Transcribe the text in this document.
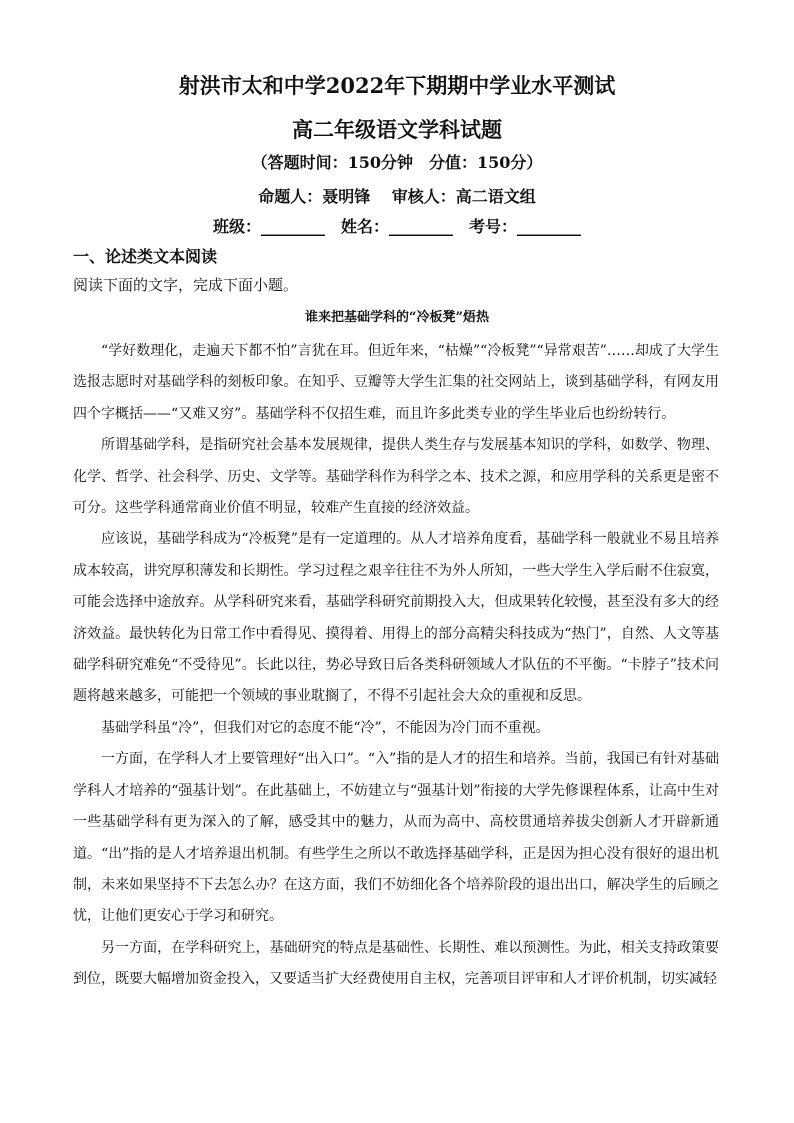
射洪市太和中学2022年下期期中学业水平测试
高二年级语文学科试题
（答题时间：150分钟　分值：150分）
命题人：聂明锋　 审核人：高二语文组
班级：________　姓名：________　考号：________
一、论述类文本阅读
阅读下面的文字，完成下面小题。
谁来把基础学科的“冷板凳”焐热

“学好数理化，走遍天下都不怕”言犹在耳。但近年来，“枯燥”“冷板凳”“异常艰苦”……却成了大学生选报志愿时对基础学科的刻板印象。在知乎、豆瓣等大学生汇集的社交网站上，谈到基础学科，有网友用四个字概括——“又难又穷”。基础学科不仅招生难，而且许多此类专业的学生毕业后也纷纷转行。

所谓基础学科，是指研究社会基本发展规律，提供人类生存与发展基本知识的学科，如数学、物理、化学、哲学、社会科学、历史、文学等。基础学科作为科学之本、技术之源，和应用学科的关系更是密不可分。这些学科通常商业价值不明显，较难产生直接的经济效益。

应该说，基础学科成为“冷板凳”是有一定道理的。从人才培养角度看，基础学科一般就业不易且培养成本较高，讲究厚积薄发和长期性。学习过程之艰辛往往不为外人所知，一些大学生入学后耐不住寂寞，可能会选择中途放弃。从学科研究来看，基础学科研究前期投入大，但成果转化较慢，甚至没有多大的经济效益。最快转化为日常工作中看得见、摸得着、用得上的部分高精尖科技成为“热门”，自然、人文等基础学科研究难免“不受待见”。长此以往，势必导致日后各类科研领域人才队伍的不平衡。“卡脖子”技术问题将越来越多，可能把一个领域的事业耽搁了，不得不引起社会大众的重视和反思。

基础学科虽“冷”，但我们对它的态度不能“冷”，不能因为冷门而不重视。

一方面，在学科人才上要管理好“出入口”。“入”指的是人才的招生和培养。当前，我国已有针对基础学科人才培养的“强基计划”。在此基础上，不妨建立与“强基计划”衔接的大学先修课程体系，让高中生对一些基础学科有更为深入的了解，感受其中的魅力，从而为高中、高校贯通培养拔尖创新人才开辟新通道。“出”指的是人才培养退出机制。有些学生之所以不敢选择基础学科，正是因为担心没有很好的退出机制，未来如果坚持不下去怎么办？在这方面，我们不妨细化各个培养阶段的退出出口，解决学生的后顾之忧，让他们更安心于学习和研究。

另一方面，在学科研究上，基础研究的特点是基础性、长期性、难以预测性。为此，相关支持政策要到位，既要大幅增加资金投入，又要适当扩大经费使用自主权，完善项目评审和人才评价机制，切实减轻
